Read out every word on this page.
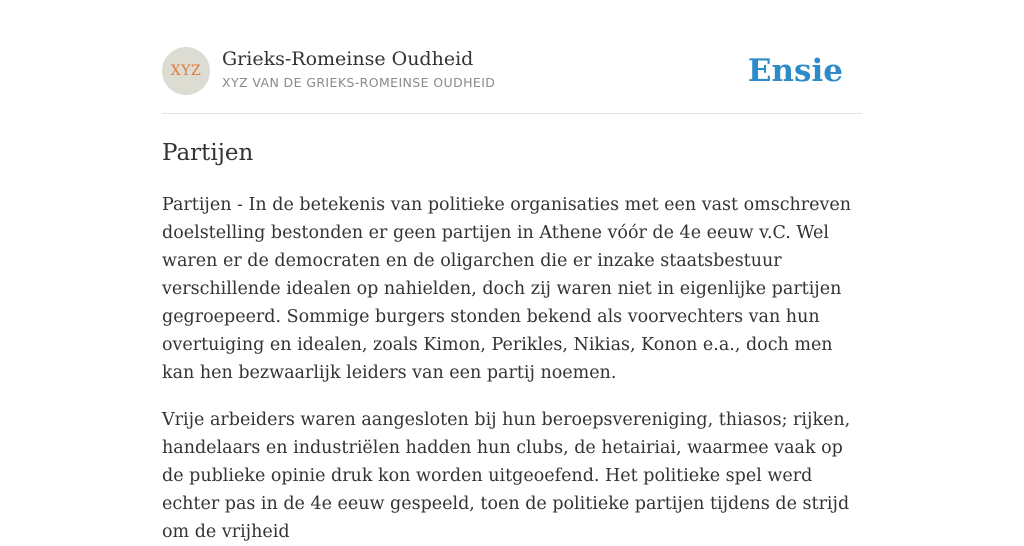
XYZ
Grieks-Romeinse Oudheid
XYZ VAN DE GRIEKS-ROMEINSE OUDHEID	Ensie
Partijen

Partijen - In de betekenis van politieke organisaties met een vast omschreven doelstelling bestonden er geen partijen in Athene vóór de 4e eeuw v.C. Wel waren er de democraten en de oligarchen die er inzake staatsbestuur verschillende idealen op nahielden, doch zij waren niet in eigenlijke partijen gegroepeerd. Sommige burgers stonden bekend als voorvechters van hun overtuiging en idealen, zoals Kimon, Perikles, Nikias, Konon e.a., doch men kan hen bezwaarlijk leiders van een partij noemen.

Vrije arbeiders waren aangesloten bij hun beroepsvereniging, thiasos; rijken, handelaars en industriëlen hadden hun clubs, de hetairiai, waarmee vaak op de publieke opinie druk kon worden uitgeoefend. Het politieke spel werd echter pas in de 4e eeuw gespeeld, toen de politieke partijen tijdens de strijd om de vrijheid
